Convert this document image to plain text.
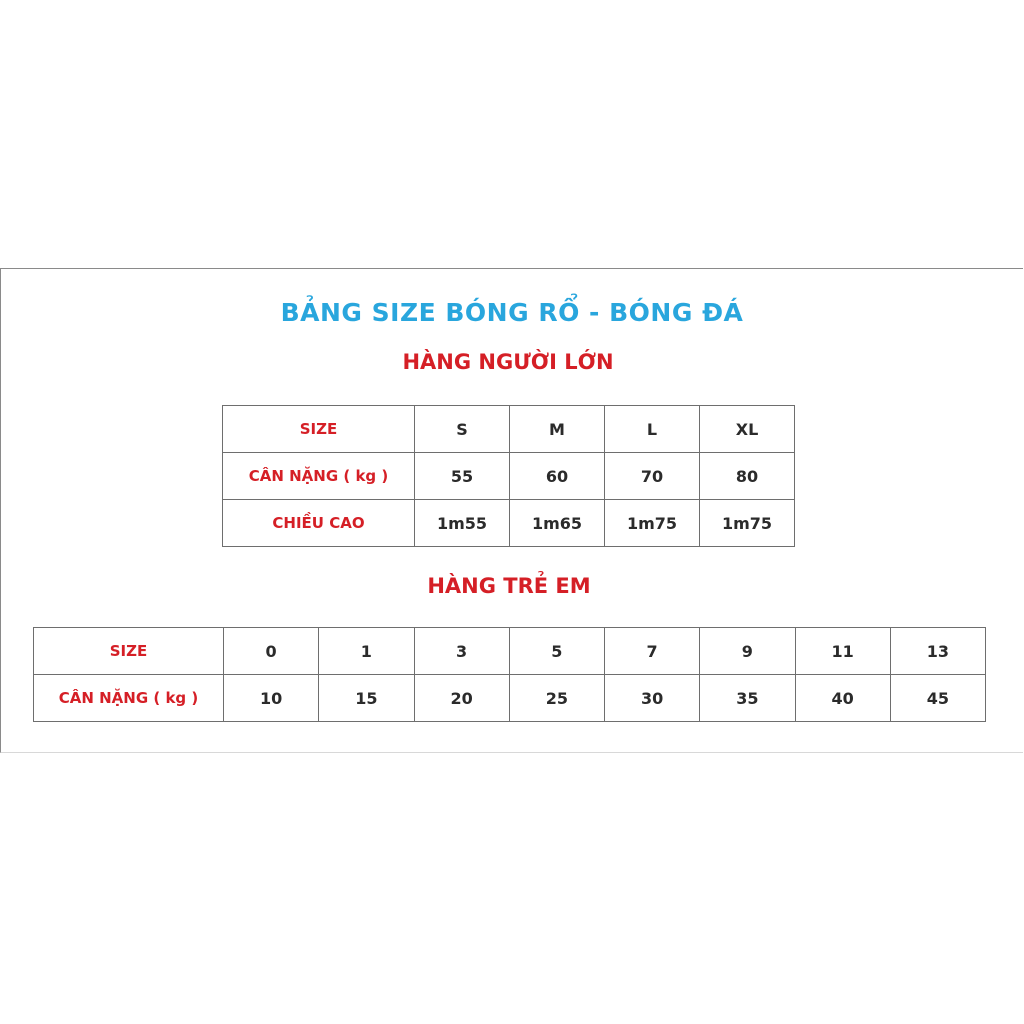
BẢNG SIZE BÓNG RỔ - BÓNG ĐÁ
HÀNG NGƯỜI LỚN
SIZE	S	M	L	XL
CÂN NẶNG ( kg )	55	60	70	80
CHIỀU CAO	1m55	1m65	1m75	1m75
HÀNG TRẺ EM
SIZE	0	1	3	5	7	9	11	13
CÂN NẶNG ( kg )	10	15	20	25	30	35	40	45
